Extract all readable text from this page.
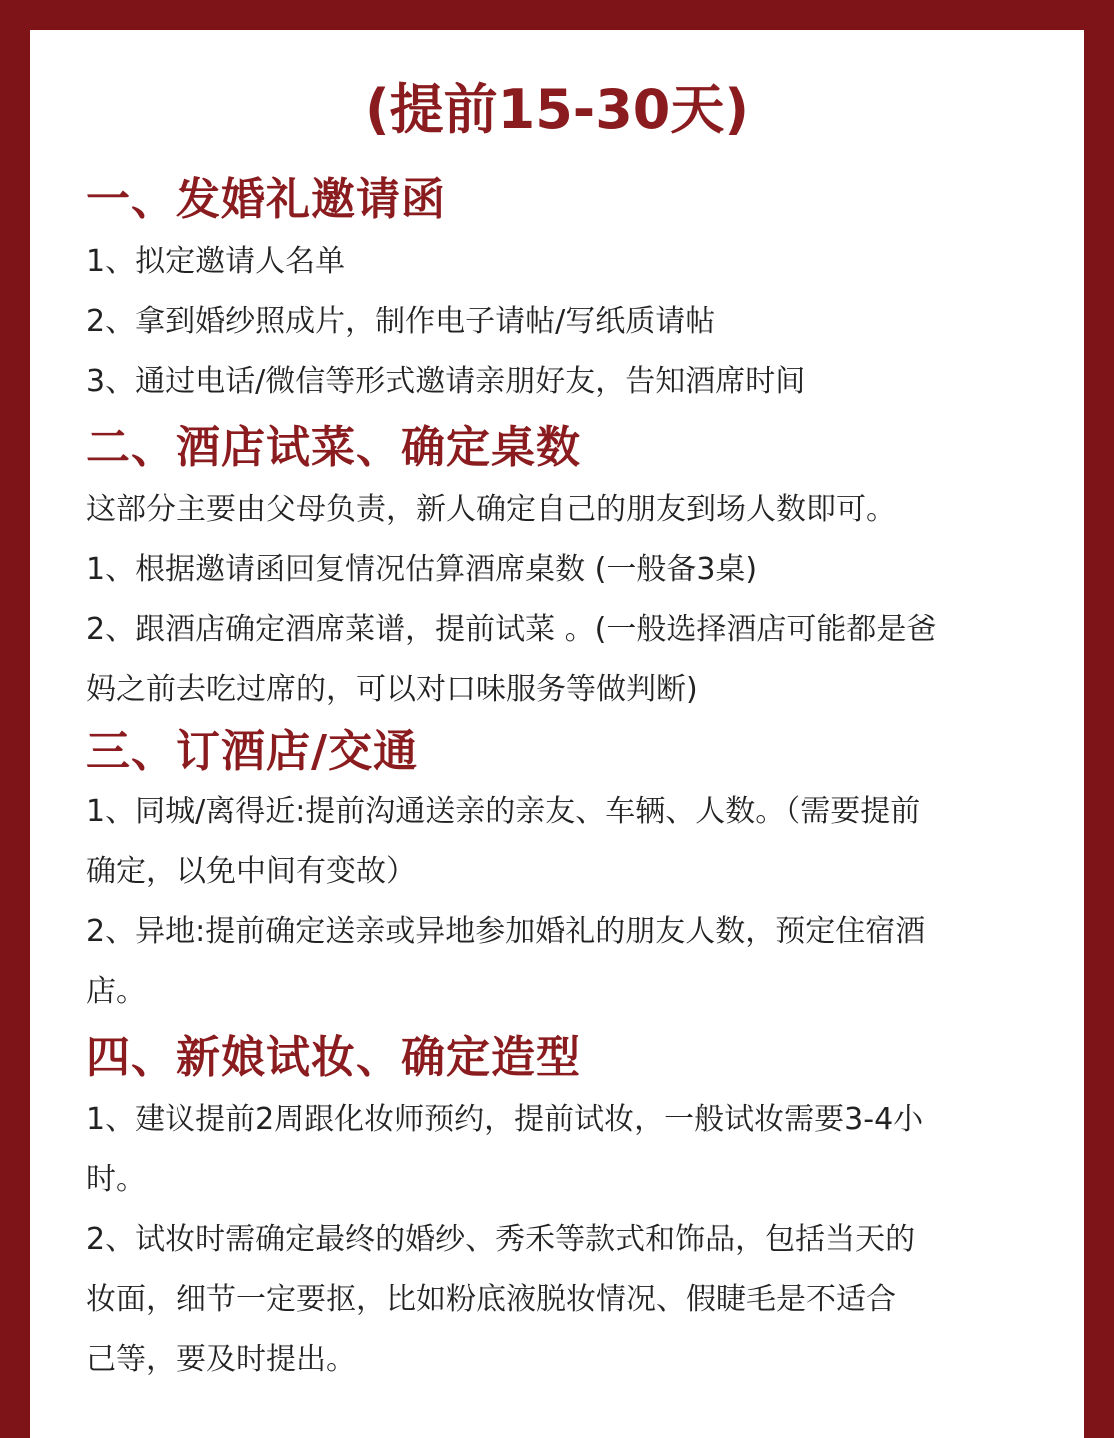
(提前15-30天)
一、发婚礼邀请函

1、拟定邀请人名单

2、拿到婚纱照成片，制作电子请帖/写纸质请帖

3、通过电话/微信等形式邀请亲朋好友，告知酒席时间

二、酒店试菜、确定桌数

这部分主要由父母负责，新人确定自己的朋友到场人数即可。

1、根据邀请函回复情况估算酒席桌数 (一般备3桌)

2、跟酒店确定酒席菜谱，提前试菜 。(一般选择酒店可能都是爸

妈之前去吃过席的，可以对口味服务等做判断)

三、订酒店/交通

1、同城/离得近:提前沟通送亲的亲友、车辆、人数。（需要提前

确定，以免中间有变故）

2、异地:提前确定送亲或异地参加婚礼的朋友人数，预定住宿酒

店。

四、新娘试妆、确定造型

1、建议提前2周跟化妆师预约，提前试妆，一般试妆需要3-4小

时。

2、试妆时需确定最终的婚纱、秀禾等款式和饰品，包括当天的

妆面，细节一定要抠，比如粉底液脱妆情况、假睫毛是不适合

己等，要及时提出。
